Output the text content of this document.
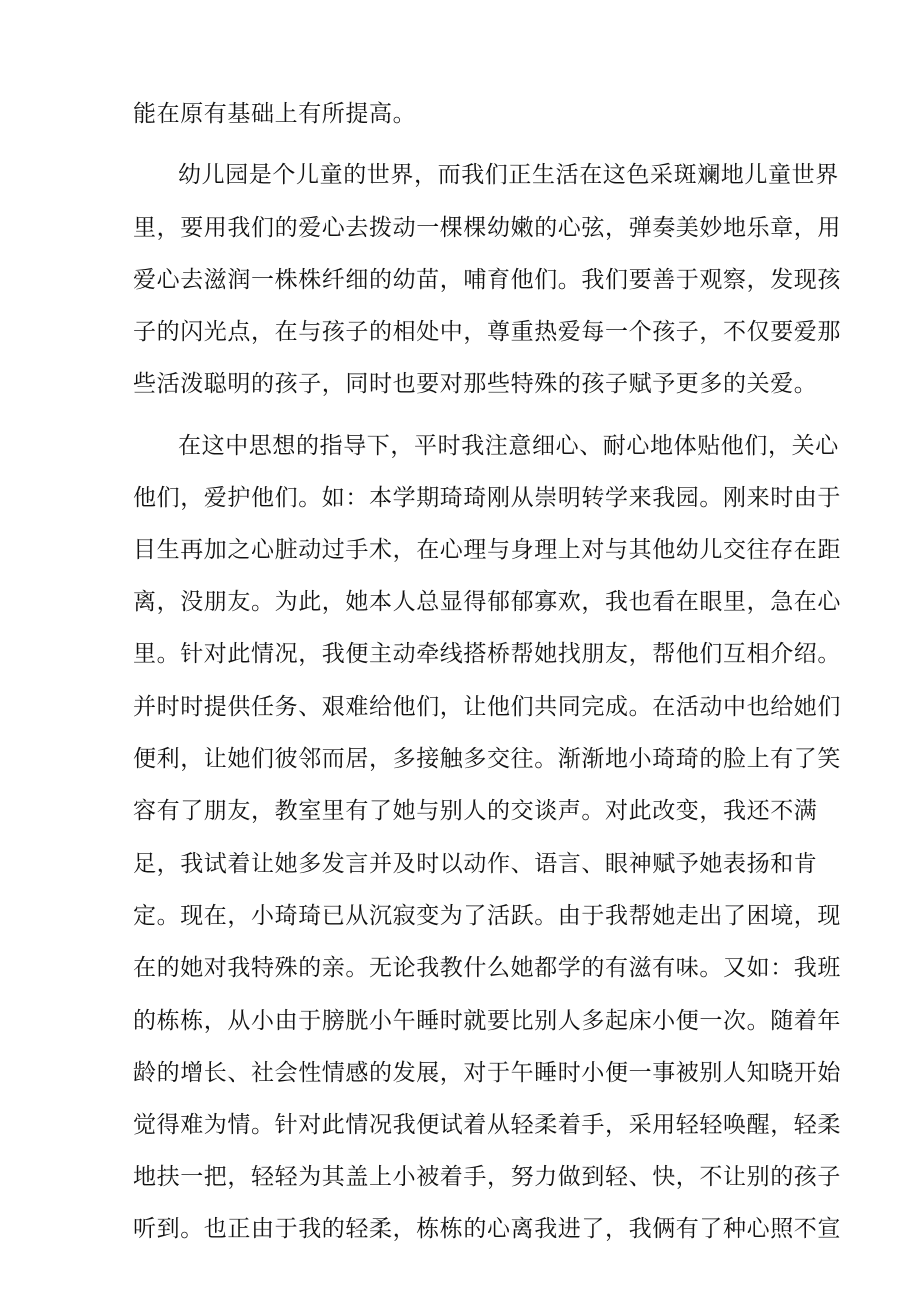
能在原有基础上有所提高。
幼儿园是个儿童的世界，而我们正生活在这色采斑斓地儿童世界
里，要用我们的爱心去拨动一棵棵幼嫩的心弦，弹奏美妙地乐章，用
爱心去滋润一株株纤细的幼苗，哺育他们。我们要善于观察，发现孩
子的闪光点，在与孩子的相处中，尊重热爱每一个孩子，不仅要爱那
些活泼聪明的孩子，同时也要对那些特殊的孩子赋予更多的关爱。
在这中思想的指导下，平时我注意细心、耐心地体贴他们，关心
他们，爱护他们。如：本学期琦琦刚从崇明转学来我园。刚来时由于
目生再加之心脏动过手术，在心理与身理上对与其他幼儿交往存在距
离，没朋友。为此，她本人总显得郁郁寡欢，我也看在眼里，急在心
里。针对此情况，我便主动牵线搭桥帮她找朋友，帮他们互相介绍。
并时时提供任务、艰难给他们，让他们共同完成。在活动中也给她们
便利，让她们彼邻而居，多接触多交往。渐渐地小琦琦的脸上有了笑
容有了朋友，教室里有了她与别人的交谈声。对此改变，我还不满
足，我试着让她多发言并及时以动作、语言、眼神赋予她表扬和肯
定。现在，小琦琦已从沉寂变为了活跃。由于我帮她走出了困境，现
在的她对我特殊的亲。无论我教什么她都学的有滋有味。又如：我班
的栋栋，从小由于膀胱小午睡时就要比别人多起床小便一次。随着年
龄的增长、社会性情感的发展，对于午睡时小便一事被别人知晓开始
觉得难为情。针对此情况我便试着从轻柔着手，采用轻轻唤醒，轻柔
地扶一把，轻轻为其盖上小被着手，努力做到轻、快，不让别的孩子
听到。也正由于我的轻柔，栋栋的心离我进了，我俩有了种心照不宣
